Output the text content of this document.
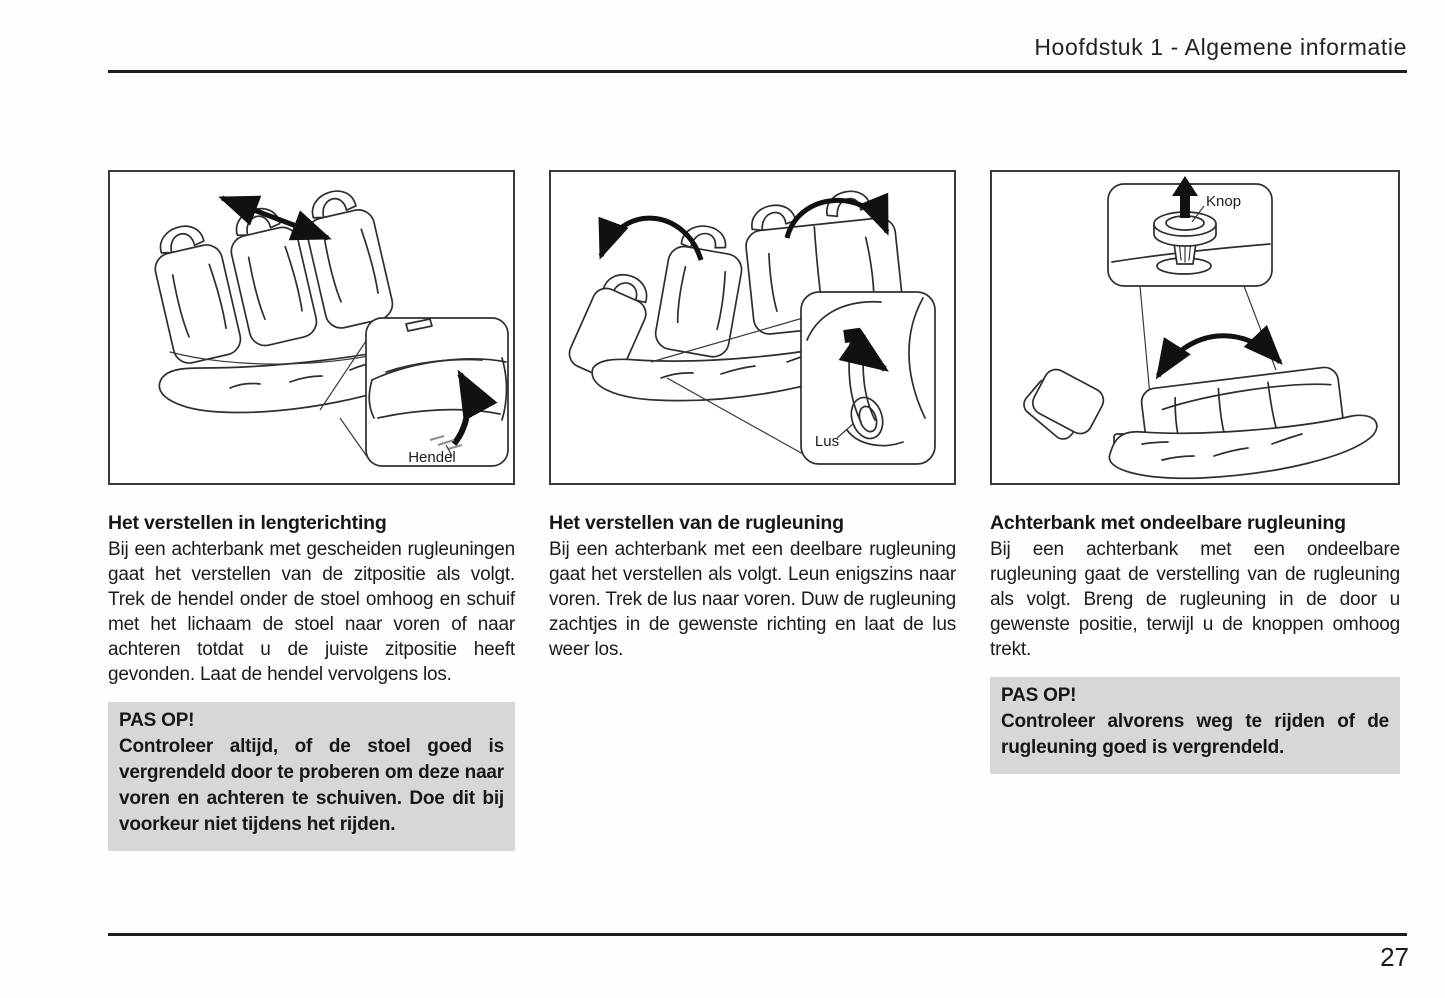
Hoofdstuk 1 - Algemene informatie
Hendel
Het verstellen in lengterichting
Bij een achterbank met gescheiden rugleuningen gaat het verstellen van de zitpositie als volgt. Trek de hendel onder de stoel omhoog en schuif met het lichaam de stoel naar voren of naar achteren totdat u de juiste zitpositie heeft gevonden. Laat de hendel vervolgens los.
PAS OP!
Controleer altijd, of de stoel goed is vergrendeld door te proberen om deze naar voren en achteren te schuiven. Doe dit bij voorkeur niet tijdens het rijden.
Lus
Het verstellen van de rugleuning
Bij een achterbank met een deelbare rugleuning gaat het verstellen als volgt. Leun enigszins naar voren. Trek de lus naar voren. Duw de rugleuning zachtjes in de gewenste richting en laat de lus weer los.
Knop
Achterbank met ondeelbare rugleuning
Bij een achterbank met een ondeelbare rugleuning gaat de verstelling van de rugleuning als volgt. Breng de rugleuning in de door u gewenste positie, terwijl u de knoppen omhoog trekt.
PAS OP!
Controleer alvorens weg te rijden of de rugleuning goed is vergrendeld.
27
